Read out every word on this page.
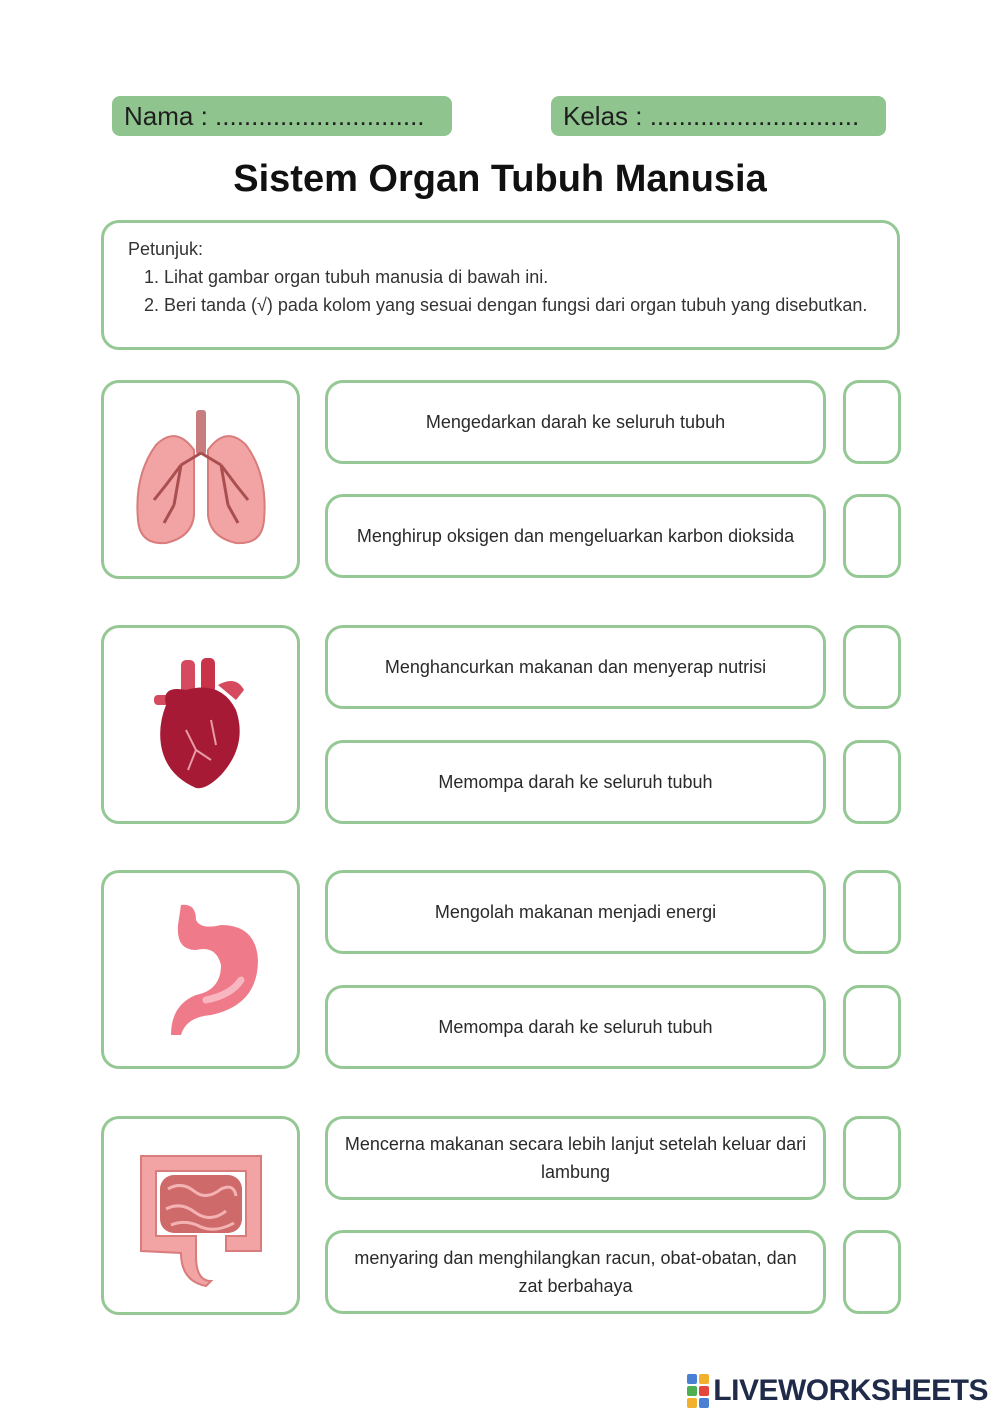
Nama : .............................	Kelas : .............................
Sistem Organ Tubuh Manusia
Petunjuk:
1. Lihat gambar organ tubuh manusia di bawah ini.
2. Beri tanda (√) pada kolom yang sesuai dengan fungsi dari organ tubuh yang disebutkan.
Mengedarkan darah ke seluruh tubuh
Menghirup oksigen dan mengeluarkan karbon dioksida
Menghancurkan makanan dan menyerap nutrisi
Memompa darah ke seluruh tubuh
Mengolah makanan menjadi energi
Memompa darah ke seluruh tubuh
Mencerna makanan secara lebih lanjut setelah keluar dari lambung
menyaring dan menghilangkan racun, obat-obatan, dan zat berbahaya
LIVEWORKSHEETS
